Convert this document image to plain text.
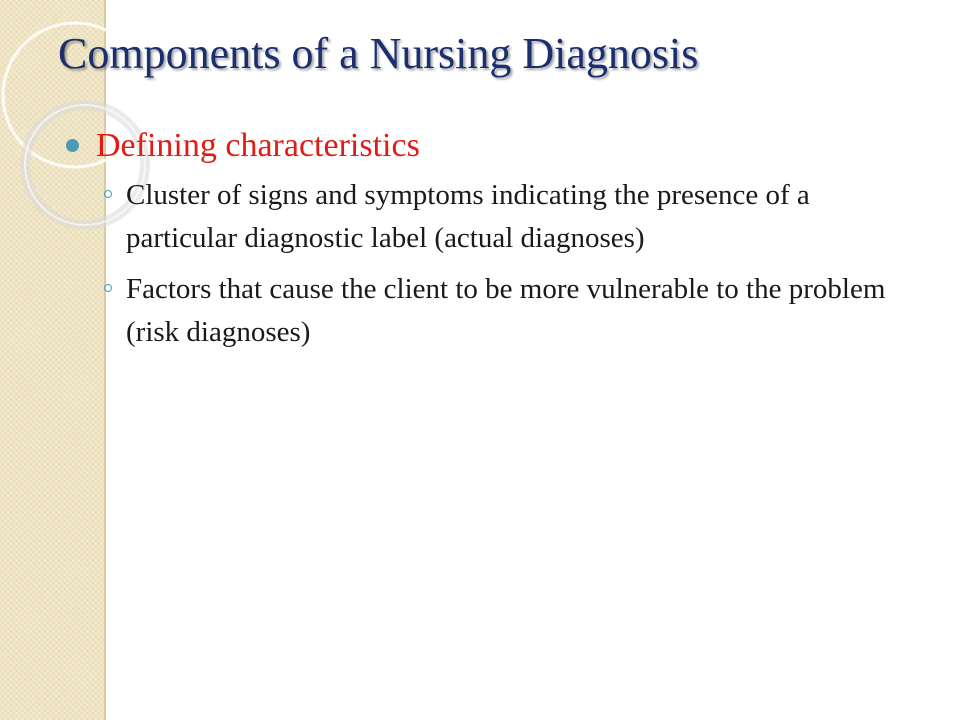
Components of a Nursing Diagnosis
Defining characteristics
Cluster of signs and symptoms indicating the presence of a particular diagnostic label (actual diagnoses)
Factors that cause the client to be more vulnerable to the problem (risk diagnoses)
